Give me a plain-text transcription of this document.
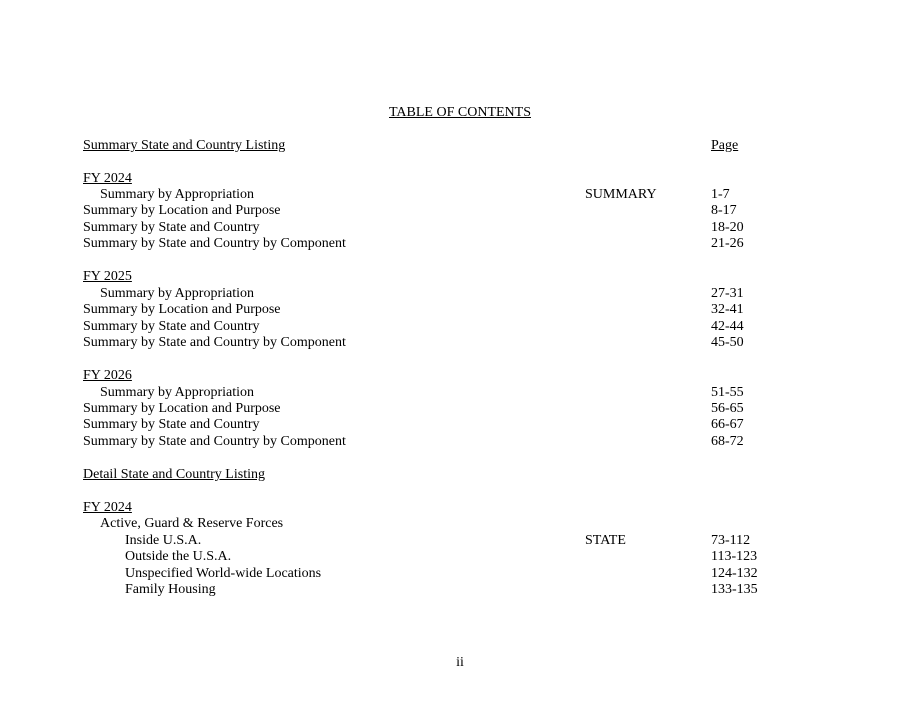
TABLE OF CONTENTS
Summary State and Country Listing	Page
FY 2024
Summary by Appropriation	SUMMARY	1-7
Summary by Location and Purpose	8-17
Summary by State and Country	18-20
Summary by State and Country by Component	21-26
FY 2025
Summary by Appropriation	27-31
Summary by Location and Purpose	32-41
Summary by State and Country	42-44
Summary by State and Country by Component	45-50
FY 2026
Summary by Appropriation	51-55
Summary by Location and Purpose	56-65
Summary by State and Country	66-67
Summary by State and Country by Component	68-72
Detail State and Country Listing
FY 2024
Active, Guard & Reserve Forces
Inside U.S.A.	STATE	73-112
Outside the U.S.A.	113-123
Unspecified World-wide Locations	124-132
Family Housing	133-135
ii
